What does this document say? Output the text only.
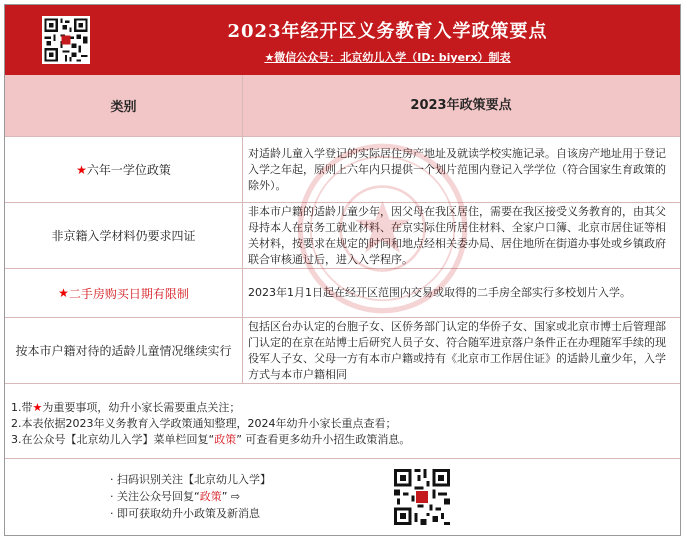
2023年经开区义务教育入学政策要点
★微信公众号：北京幼儿入学（ID: biyerx）制表
类别	2023年政策要点
★ 六年一学位政策
对适龄儿童入学登记的实际居住房产地址及就读学校实施记录。自该房产地址用于登记入学之年起，原则上六年内只提供一个划片范围内登记入学学位（符合国家生育政策的除外）。
非京籍入学材料仍要求四证
非本市户籍的适龄儿童少年，因父母在我区居住，需要在我区接受义务教育的，由其父母持本人在京务工就业材料、在京实际住所居住材料、全家户口簿、北京市居住证等相关材料，按要求在规定的时间和地点经相关委办局、居住地所在街道办事处或乡镇政府联合审核通过后，进入入学程序。
★ 二手房购买日期有限制	2023年1月1日起在经开区范围内交易或取得的二手房全部实行多校划片入学。
按本市户籍对待的适龄儿童情况继续实行
包括区台办认定的台胞子女、区侨务部门认定的华侨子女、国家或北京市博士后管理部门认定的在京在站博士后研究人员子女、符合随军进京落户条件正在办理随军手续的现役军人子女、父母一方有本市户籍或持有《北京市工作居住证》的适龄儿童少年，入学方式与本市户籍相同
1.带★为重要事项，幼升小家长需要重点关注；
2.本表依据2023年义务教育入学政策通知整理，2024年幼升小家长重点查看；
3.在公众号【北京幼儿入学】菜单栏回复“政策” 可查看更多幼升小招生政策消息。
· 扫码识别关注【北京幼儿入学】
· 关注公众号回复“政策” ⇨
· 即可获取幼升小政策及新消息
